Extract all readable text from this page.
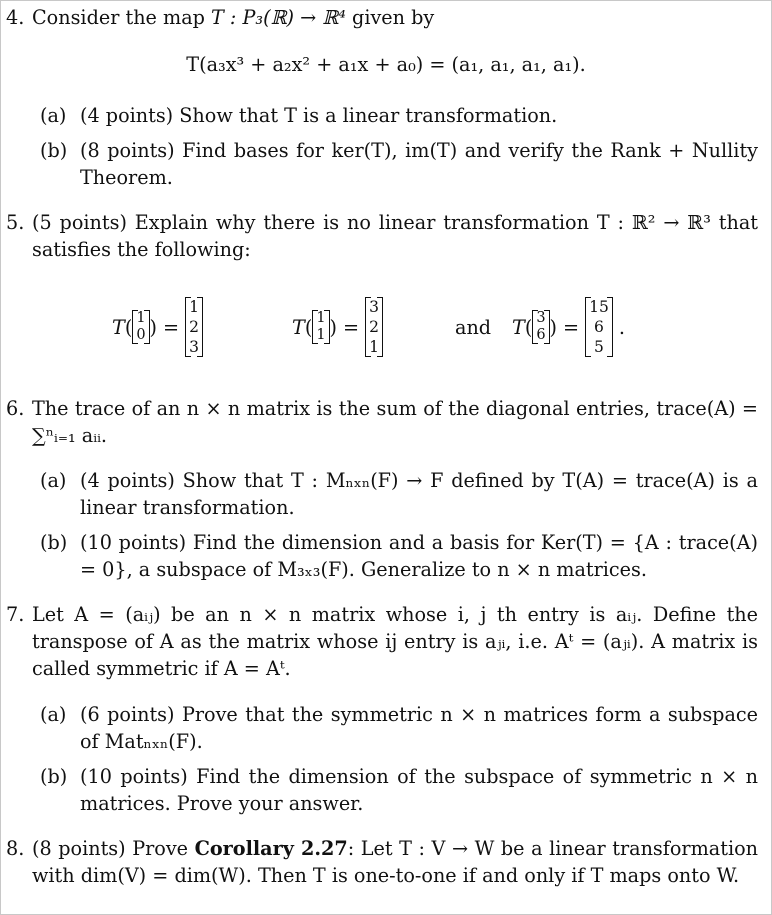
4. Consider the map T : P₃(ℝ) → ℝ⁴ given by
T(a₃x³ + a₂x² + a₁x + a₀) = (a₁, a₁, a₁, a₁).
(a) (4 points) Show that T is a linear transformation.
(b) (8 points) Find bases for ker(T), im(T) and verify the Rank + Nullity Theorem.
5. (5 points) Explain why there is no linear transformation T : ℝ² → ℝ³ that satisfies the following:
T ( 1
0 ) =
1
2
3
T ( 1
1 ) =
3
2
1
and T ( 3
6 ) =
15
6
5
.
6. The trace of an n × n matrix is the sum of the diagonal entries, trace(A) = ∑ⁿᵢ₌₁ aᵢᵢ.
(a) (4 points) Show that T : Mₙₓₙ(F) → F defined by T(A) = trace(A) is a linear transformation.
(b) (10 points) Find the dimension and a basis for Ker(T) = {A : trace(A) = 0}, a subspace of M₃ₓ₃(F). Generalize to n × n matrices.
7. Let A = (aᵢⱼ) be an n × n matrix whose i, j th entry is aᵢⱼ. Define the transpose of A as the matrix whose ij entry is aⱼᵢ, i.e. Aᵗ = (aⱼᵢ). A matrix is called symmetric if A = Aᵗ.
(a) (6 points) Prove that the symmetric n × n matrices form a subspace of Matₙₓₙ(F).
(b) (10 points) Find the dimension of the subspace of symmetric n × n matrices. Prove your answer.
8. (8 points) Prove Corollary 2.27: Let T : V → W be a linear transformation with dim(V) = dim(W). Then T is one-to-one if and only if T maps onto W.
